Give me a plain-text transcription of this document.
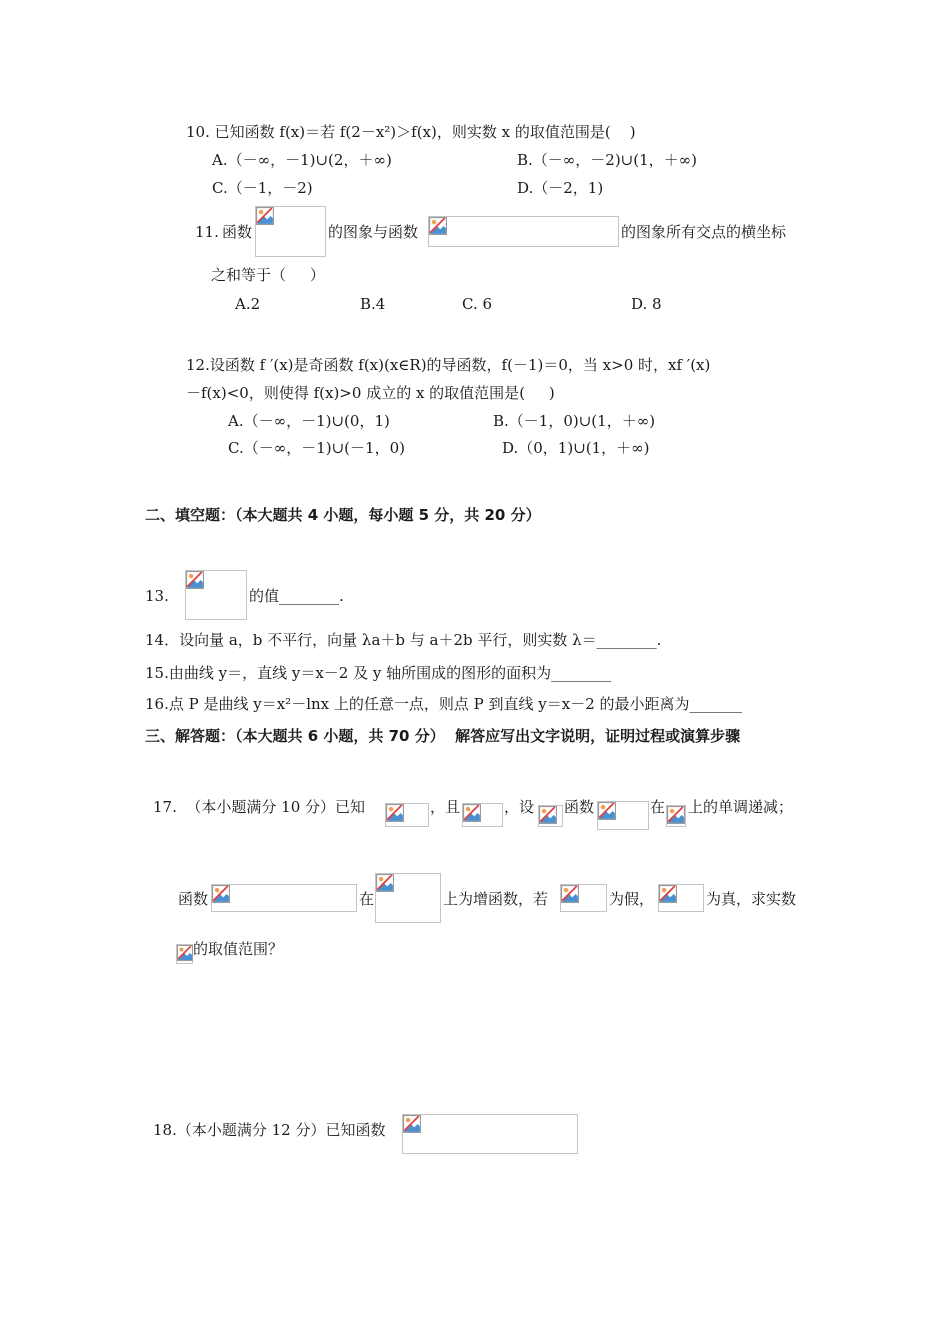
10. 已知函数 f(x)＝若 f(2－x²)＞f(x)，则实数 x 的取值范围是(    )
A.（－∞，－1)∪(2，＋∞)	B.（－∞，－2)∪(1，＋∞)
C.（－1，－2)	D.（－2，1)
11. 函数	的图象与函数	的图象所有交点的横坐标
之和等于（     ）
A.2	B.4	C. 6	D. 8
12.设函数 f ′(x)是奇函数 f(x)(x∈R)的导函数，f(－1)＝0，当 x>0 时，xf ′(x)
－f(x)<0，则使得 f(x)>0 成立的 x 的取值范围是(     )
A.（－∞，－1)∪(0，1)	B.（－1，0)∪(1，＋∞)
C.（－∞，－1)∪(－1，0)	D.（0，1)∪(1，＋∞)
二、填空题：（本大题共 4 小题，每小题 5 分，共 20 分）
13.	的值________.
14．设向量 a，b 不平行，向量 λa＋b 与 a＋2b 平行，则实数 λ＝________.
15.由曲线 y＝，直线 y＝x－2 及 y 轴所围成的图形的面积为________
16.点 P 是曲线 y＝x²－lnx 上的任意一点，则点 P 到直线 y＝x－2 的最小距离为_______
三、解答题：（本大题共 6 小题，共 70 分）  解答应写出文字说明，证明过程或演算步骤
17.  （本小题满分 10 分）已知	，且	，设 函数	在 上的单调递减；
函数	在	上为增函数，若	为假，	为真，求实数
的取值范围？
18.（本小题满分 12 分）已知函数
